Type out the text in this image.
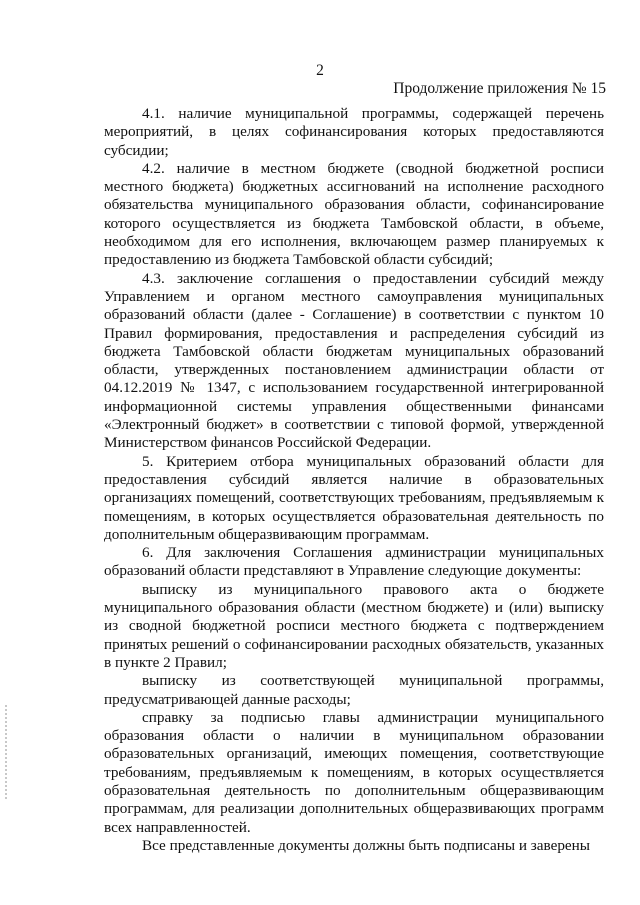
2
Продолжение приложения № 15

4.1. наличие муниципальной программы, содержащей перечень мероприятий, в целях софинансирования которых предоставляются субсидии;

4.2. наличие в местном бюджете (сводной бюджетной росписи местного бюджета) бюджетных ассигнований на исполнение расходного обязательства муниципального образования области, софинансирование которого осуществляется из бюджета Тамбовской области, в объеме, необходимом для его исполнения, включающем размер планируемых к предоставлению из бюджета Тамбовской области субсидий;

4.3. заключение соглашения о предоставлении субсидий между Управлением и органом местного самоуправления муниципальных образований области (далее - Соглашение) в соответствии с пунктом 10 Правил формирования, предоставления и распределения субсидий из бюджета Тамбовской области бюджетам муниципальных образований области, утвержденных постановлением администрации области от 04.12.2019 № 1347, с использованием государственной интегрированной информационной системы управления общественными финансами «Электронный бюджет» в соответствии с типовой формой, утвержденной Министерством финансов Российской Федерации.

5. Критерием отбора муниципальных образований области для предоставления субсидий является наличие в образовательных организациях помещений, соответствующих требованиям, предъявляемым к помещениям, в которых осуществляется образовательная деятельность по дополнительным общеразвивающим программам.

6. Для заключения Соглашения администрации муниципальных образований области представляют в Управление следующие документы:

выписку из муниципального правового акта о бюджете муниципального образования области (местном бюджете) и (или) выписку из сводной бюджетной росписи местного бюджета с подтверждением принятых решений о софинансировании расходных обязательств, указанных в пункте 2 Правил;

выписку из соответствующей муниципальной программы, предусматривающей данные расходы;

справку за подписью главы администрации муниципального образования области о наличии в муниципальном образовании образовательных организаций, имеющих помещения, соответствующие требованиям, предъявляемым к помещениям, в которых осуществляется образовательная деятельность по дополнительным общеразвивающим программам, для реализации дополнительных общеразвивающих программ всех направленностей.

Все представленные документы должны быть подписаны и заверены
